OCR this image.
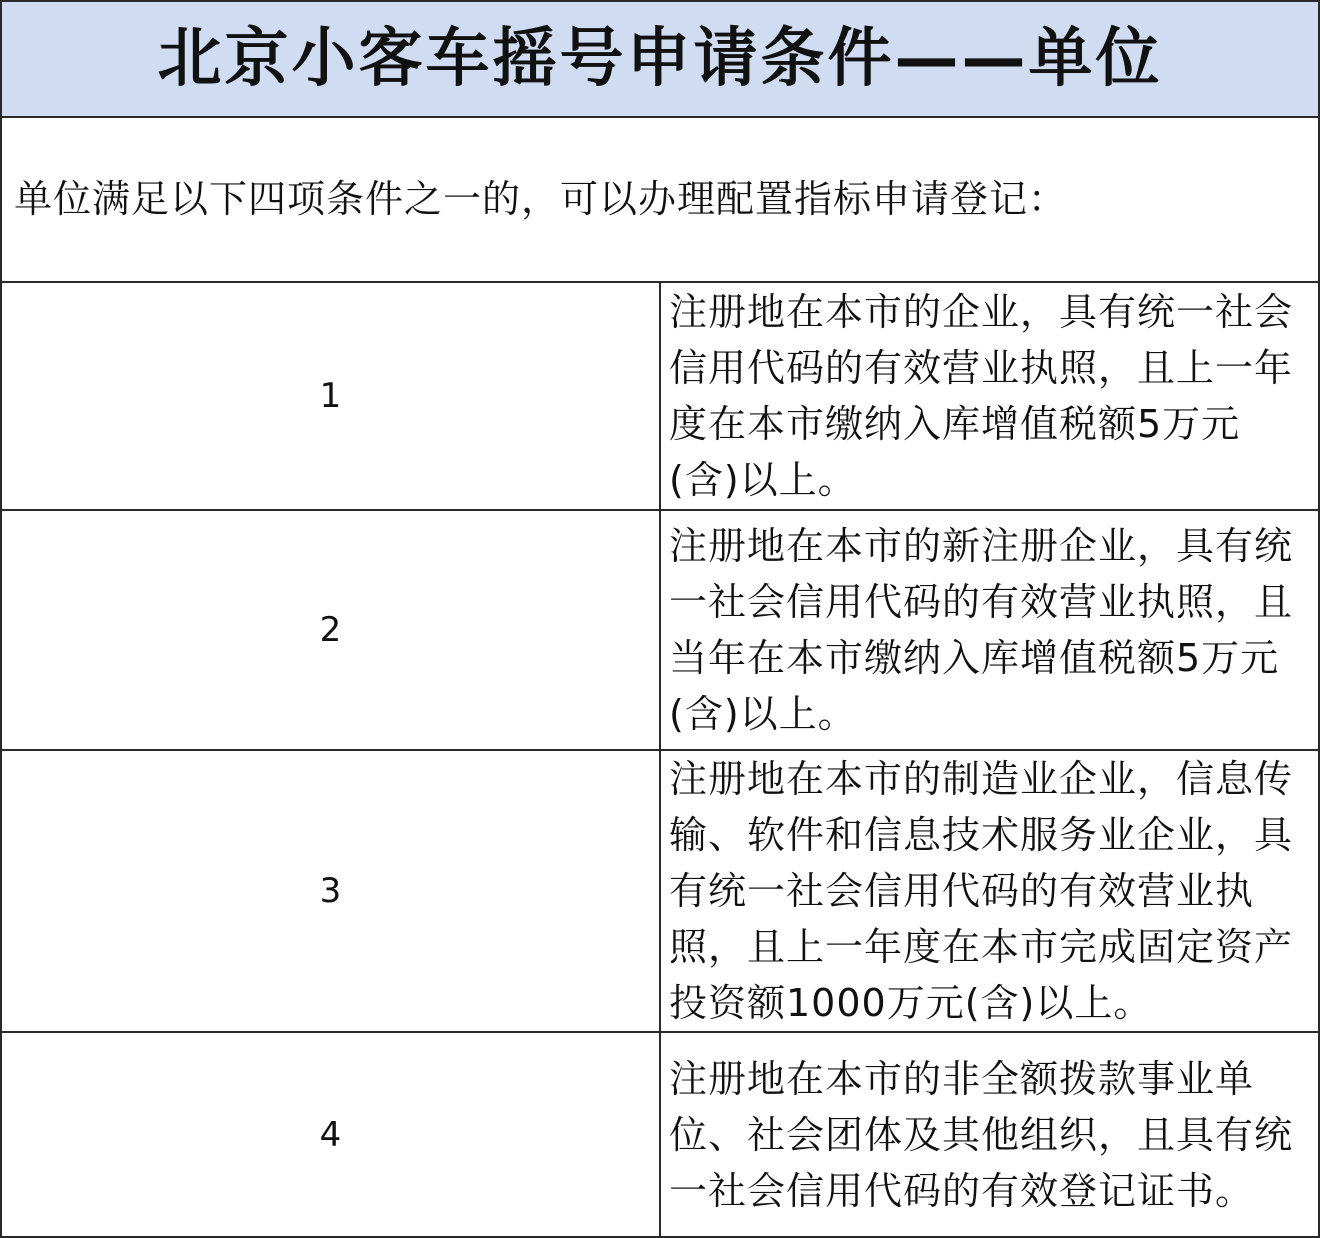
北京小客车摇号申请条件——单位	
单位满足以下四项条件之一的，可以办理配置指标申请登记：	
1	注册地在本市的企业，具有统一社会信用代码的有效营业执照，且上一年度在本市缴纳入库增值税额5万元(含)以上。

2	注册地在本市的新注册企业，具有统一社会信用代码的有效营业执照，且当年在本市缴纳入库增值税额5万元(含)以上。

3	注册地在本市的制造业企业，信息传输、软件和信息技术服务业企业，具有统一社会信用代码的有效营业执照，且上一年度在本市完成固定资产投资额1000万元(含)以上。

4	注册地在本市的非全额拨款事业单位、社会团体及其他组织，且具有统一社会信用代码的有效登记证书。
